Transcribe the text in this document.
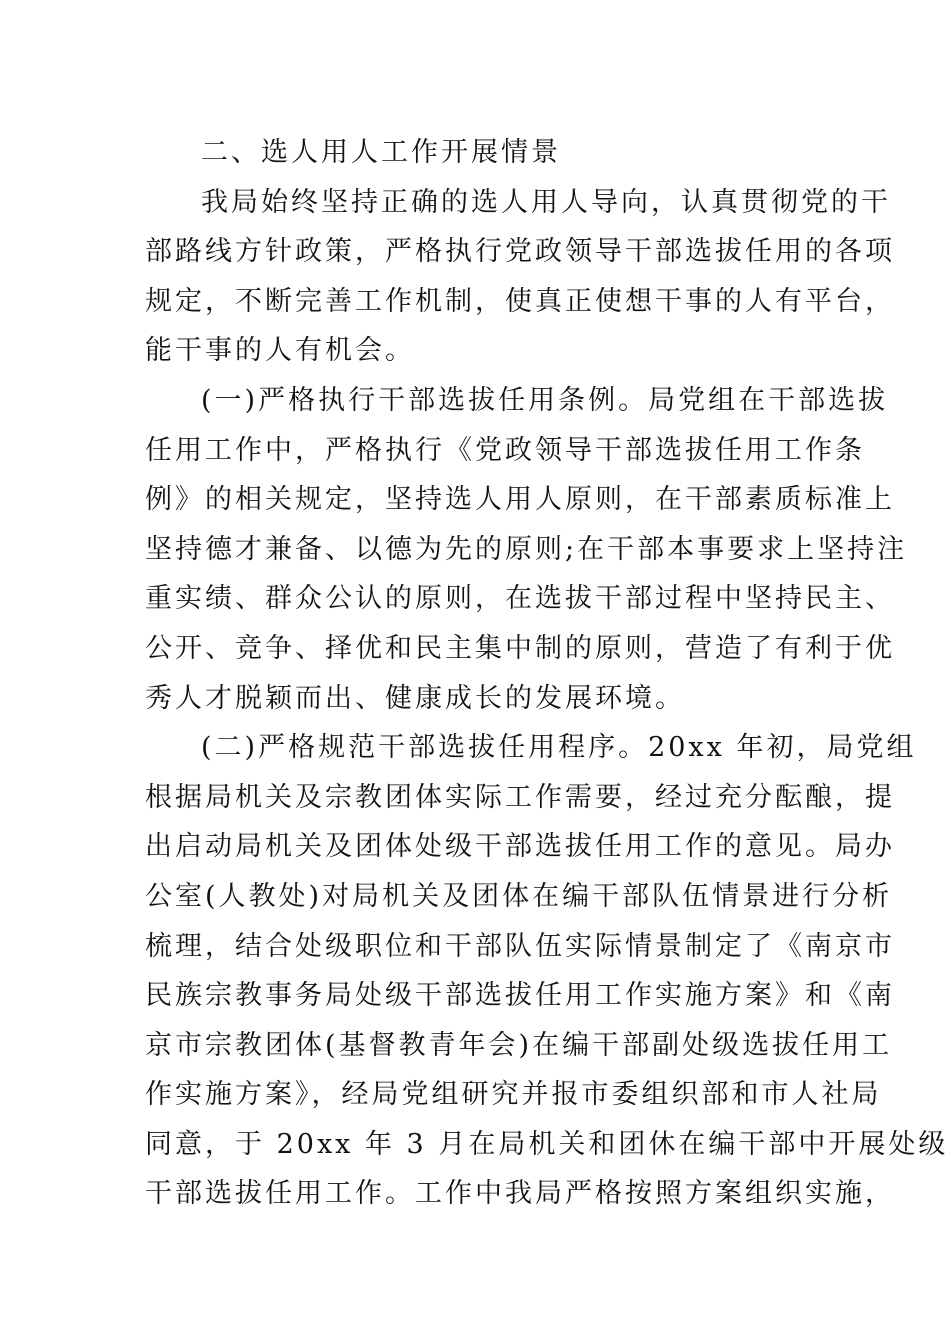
二、选人用人工作开展情景
我局始终坚持正确的选人用人导向，认真贯彻党的干
部路线方针政策，严格执行党政领导干部选拔任用的各项
规定，不断完善工作机制，使真正使想干事的人有平台，
能干事的人有机会。
(一)严格执行干部选拔任用条例。局党组在干部选拔
任用工作中，严格执行《党政领导干部选拔任用工作条
例》的相关规定，坚持选人用人原则，在干部素质标准上
坚持德才兼备、以德为先的原则;在干部本事要求上坚持注
重实绩、群众公认的原则，在选拔干部过程中坚持民主、
公开、竞争、择优和民主集中制的原则，营造了有利于优
秀人才脱颖而出、健康成长的发展环境。
(二)严格规范干部选拔任用程序。20xx 年初，局党组
根据局机关及宗教团体实际工作需要，经过充分酝酿，提
出启动局机关及团体处级干部选拔任用工作的意见。局办
公室(人教处)对局机关及团体在编干部队伍情景进行分析
梳理，结合处级职位和干部队伍实际情景制定了《南京市
民族宗教事务局处级干部选拔任用工作实施方案》和《南
京市宗教团体(基督教青年会)在编干部副处级选拔任用工
作实施方案》，经局党组研究并报市委组织部和市人社局
同意，于 20xx 年 3 月在局机关和团休在编干部中开展处级
干部选拔任用工作。工作中我局严格按照方案组织实施，
